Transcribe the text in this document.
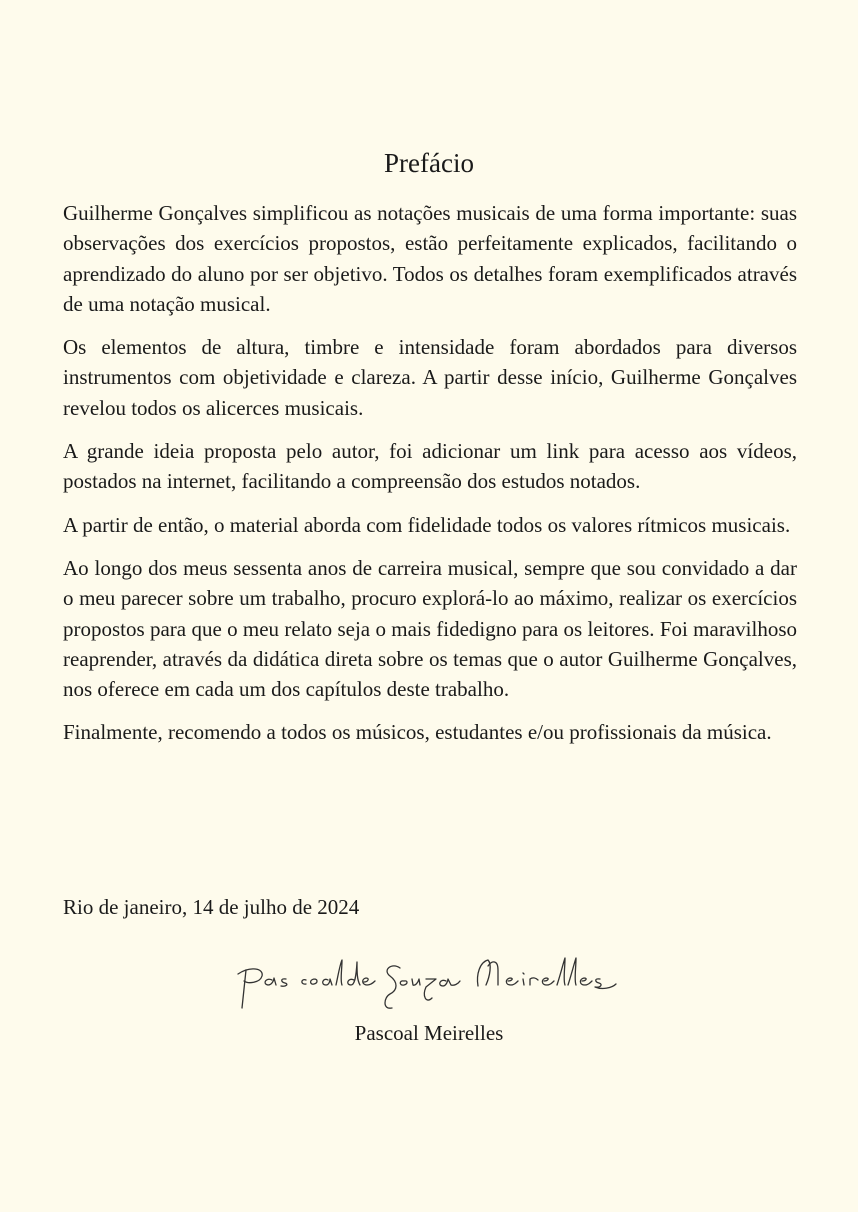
Prefácio

Guilherme Gonçalves simplificou as notações musicais de uma forma importante: suas observações dos exercícios propostos, estão perfeitamente explicados, facilitando o aprendizado do aluno por ser objetivo. Todos os detalhes foram exemplificados através de uma notação musical.

Os elementos de altura, timbre e intensidade foram abordados para diversos instrumentos com objetividade e clareza. A partir desse início, Guilherme Gonçalves revelou todos os alicerces musicais.

A grande ideia proposta pelo autor, foi adicionar um link para acesso aos vídeos, postados na internet, facilitando a compreensão dos estudos notados.

A partir de então, o material aborda com fidelidade todos os valores rítmicos musicais.

Ao longo dos meus sessenta anos de carreira musical, sempre que sou convidado a dar o meu parecer sobre um trabalho, procuro explorá-lo ao máximo, realizar os exercícios propostos para que o meu relato seja o mais fidedigno para os leitores. Foi maravilhoso reaprender, através da didática direta sobre os temas que o autor Guilherme Gonçalves, nos oferece em cada um dos capítulos deste trabalho.

Finalmente, recomendo a todos os músicos, estudantes e/ou profissionais da música.

Rio de janeiro, 14 de julho de 2024

Pascoal Meirelles
